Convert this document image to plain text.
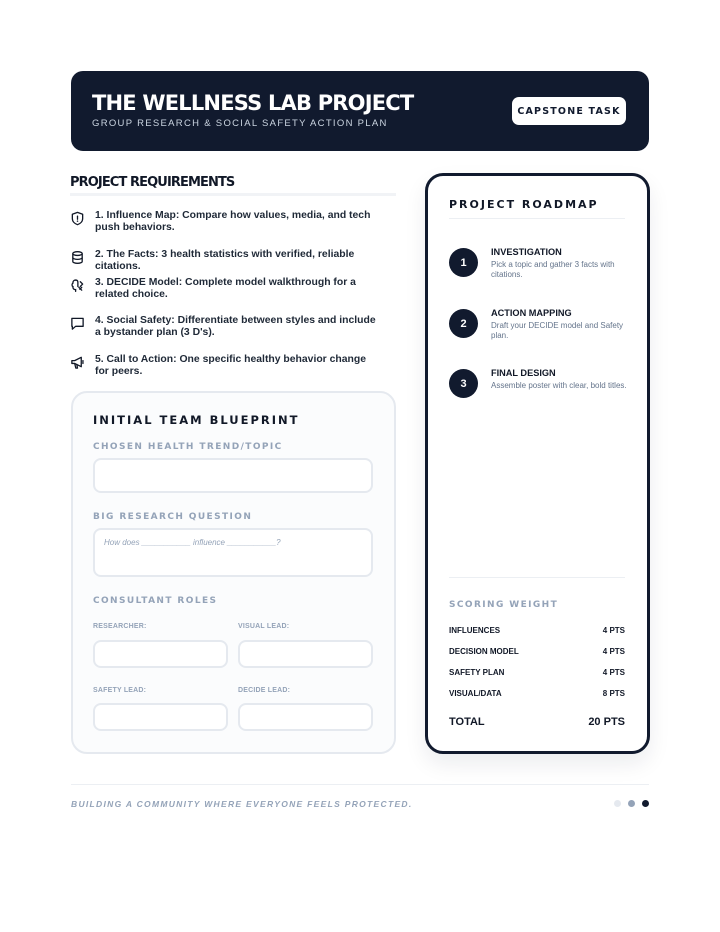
THE WELLNESS LAB PROJECT
GROUP RESEARCH & SOCIAL SAFETY ACTION PLAN
CAPSTONE TASK
PROJECT REQUIREMENTS
1. Influence Map: Compare how values, media, and tech push behaviors.
2. The Facts: 3 health statistics with verified, reliable citations.
3. DECIDE Model: Complete model walkthrough for a related choice.
4. Social Safety: Differentiate between styles and include a bystander plan (3 D's).
5. Call to Action: One specific healthy behavior change for peers.
INITIAL TEAM BLUEPRINT
CHOSEN HEALTH TREND/TOPIC
BIG RESEARCH QUESTION
How does ___________ influence ___________?
CONSULTANT ROLES
RESEARCHER:	VISUAL LEAD:
SAFETY LEAD:	DECIDE LEAD:
PROJECT ROADMAP
1
INVESTIGATION
Pick a topic and gather 3 facts with citations.
2
ACTION MAPPING
Draft your DECIDE model and Safety plan.
3
FINAL DESIGN
Assemble poster with clear, bold titles.
SCORING WEIGHT
INFLUENCES	4 PTS
DECISION MODEL	4 PTS
SAFETY PLAN	4 PTS
VISUAL/DATA	8 PTS
TOTAL	20 PTS
BUILDING A COMMUNITY WHERE EVERYONE FEELS PROTECTED.
